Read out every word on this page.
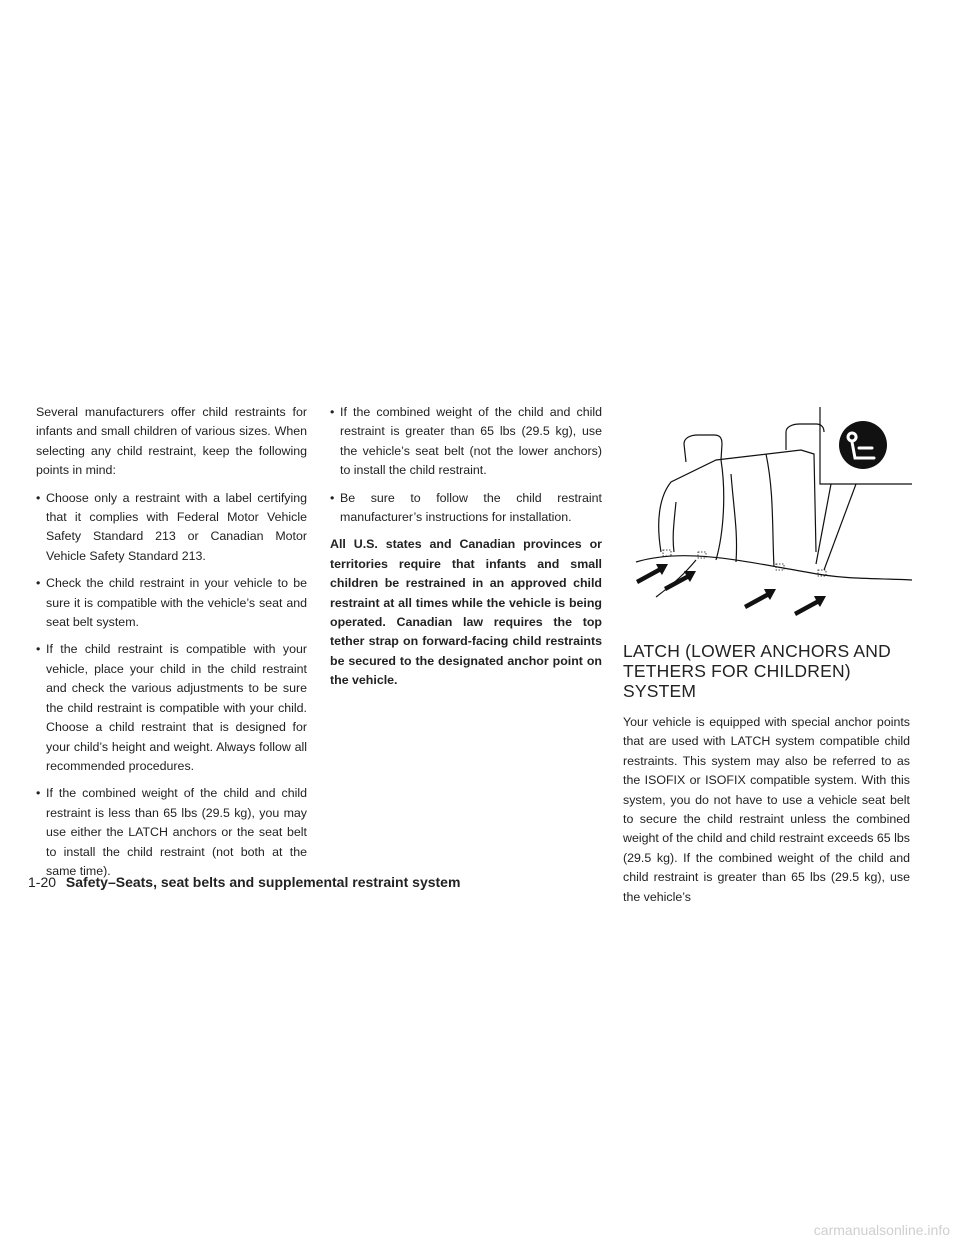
Several manufacturers offer child restraints for infants and small children of various sizes. When selecting any child restraint, keep the following points in mind:

• Choose only a restraint with a label certifying that it complies with Federal Motor Vehicle Safety Standard 213 or Canadian Motor Vehicle Safety Standard 213.
• Check the child restraint in your vehicle to be sure it is compatible with the vehicle’s seat and seat belt system.
• If the child restraint is compatible with your vehicle, place your child in the child restraint and check the various adjustments to be sure the child restraint is compatible with your child. Choose a child restraint that is designed for your child’s height and weight. Always follow all recommended procedures.
• If the combined weight of the child and child restraint is less than 65 lbs (29.5 kg), you may use either the LATCH anchors or the seat belt to install the child restraint (not both at the same time).
• If the combined weight of the child and child restraint is greater than 65 lbs (29.5 kg), use the vehicle’s seat belt (not the lower anchors) to install the child restraint.
• Be sure to follow the child restraint manufacturer’s instructions for installation.

All U.S. states and Canadian provinces or territories require that infants and small children be restrained in an approved child restraint at all times while the vehicle is being operated. Canadian law requires the top tether strap on forward-facing child restraints be secured to the designated anchor point on the vehicle.

LATCH (LOWER ANCHORS AND
TETHERS FOR CHILDREN) SYSTEM

Your vehicle is equipped with special anchor points that are used with LATCH system compatible child restraints. This system may also be referred to as the ISOFIX or ISOFIX compatible system. With this system, you do not have to use a vehicle seat belt to secure the child restraint unless the combined weight of the child and child restraint exceeds 65 lbs (29.5 kg). If the combined weight of the child and child restraint is greater than 65 lbs (29.5 kg), use the vehicle’s

1-20 Safety–Seats, seat belts and supplemental restraint system
carmanualsonline.info
